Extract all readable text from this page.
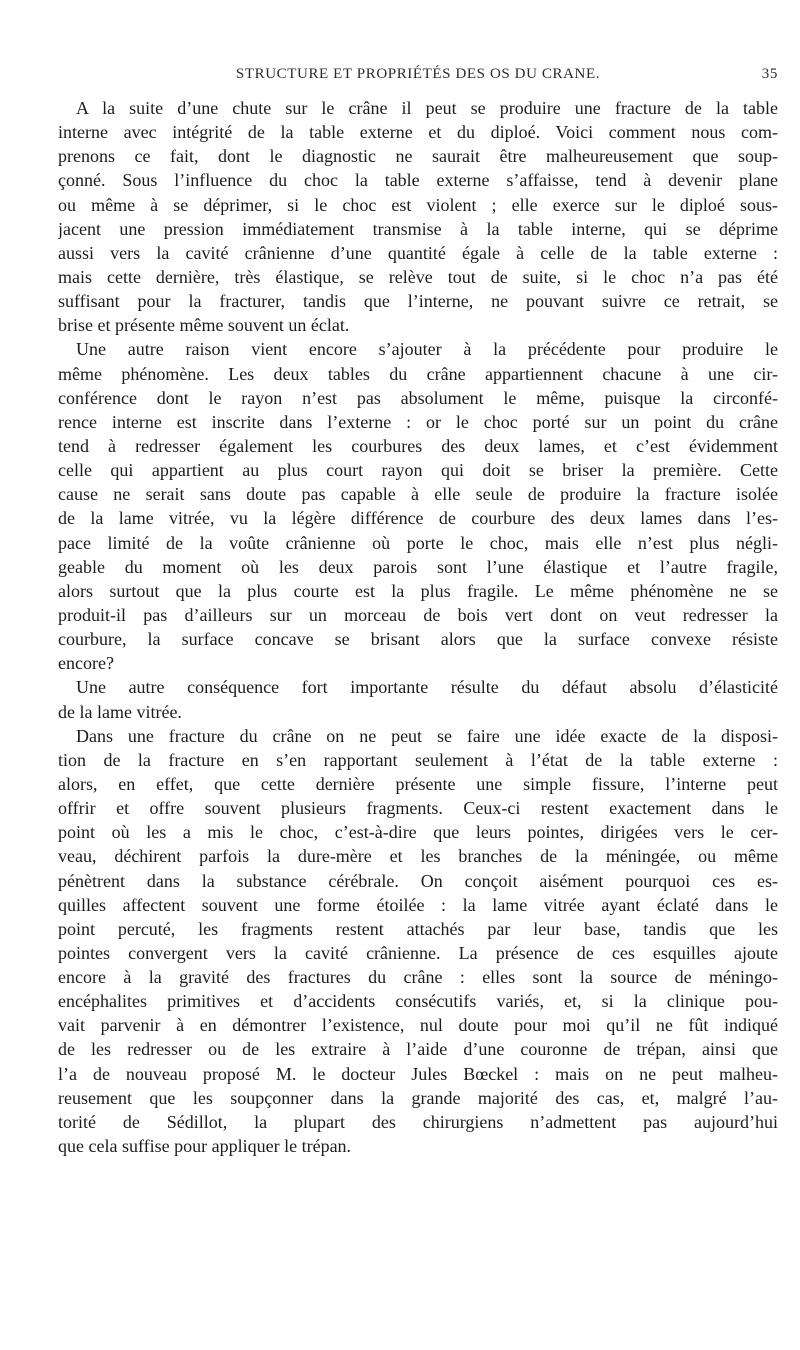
STRUCTURE ET PROPRIÉTÉS DES OS DU CRANE.	35
A la suite d’une chute sur le crâne il peut se produire une fracture de la table
interne avec intégrité de la table externe et du diploé. Voici comment nous com-
prenons ce fait, dont le diagnostic ne saurait être malheureusement que soup-
çonné. Sous l’influence du choc la table externe s’affaisse, tend à devenir plane
ou même à se déprimer, si le choc est violent ; elle exerce sur le diploé sous-
jacent une pression immédiatement transmise à la table interne, qui se déprime
aussi vers la cavité crânienne d’une quantité égale à celle de la table externe :
mais cette dernière, très élastique, se relève tout de suite, si le choc n’a pas été
suffisant pour la fracturer, tandis que l’interne, ne pouvant suivre ce retrait, se
brise et présente même souvent un éclat.
Une autre raison vient encore s’ajouter à la précédente pour produire le
même phénomène. Les deux tables du crâne appartiennent chacune à une cir-
conférence dont le rayon n’est pas absolument le même, puisque la circonfé-
rence interne est inscrite dans l’externe : or le choc porté sur un point du crâne
tend à redresser également les courbures des deux lames, et c’est évidemment
celle qui appartient au plus court rayon qui doit se briser la première. Cette
cause ne serait sans doute pas capable à elle seule de produire la fracture isolée
de la lame vitrée, vu la légère différence de courbure des deux lames dans l’es-
pace limité de la voûte crânienne où porte le choc, mais elle n’est plus négli-
geable du moment où les deux parois sont l’une élastique et l’autre fragile,
alors surtout que la plus courte est la plus fragile. Le même phénomène ne se
produit-il pas d’ailleurs sur un morceau de bois vert dont on veut redresser la
courbure, la surface concave se brisant alors que la surface convexe résiste
encore?
Une autre conséquence fort importante résulte du défaut absolu d’élasticité
de la lame vitrée.
Dans une fracture du crâne on ne peut se faire une idée exacte de la disposi-
tion de la fracture en s’en rapportant seulement à l’état de la table externe :
alors, en effet, que cette dernière présente une simple fissure, l’interne peut
offrir et offre souvent plusieurs fragments. Ceux-ci restent exactement dans le
point où les a mis le choc, c’est-à-dire que leurs pointes, dirigées vers le cer-
veau, déchirent parfois la dure-mère et les branches de la méningée, ou même
pénètrent dans la substance cérébrale. On conçoit aisément pourquoi ces es-
quilles affectent souvent une forme étoilée : la lame vitrée ayant éclaté dans le
point percuté, les fragments restent attachés par leur base, tandis que les
pointes convergent vers la cavité crânienne. La présence de ces esquilles ajoute
encore à la gravité des fractures du crâne : elles sont la source de méningo-
encéphalites primitives et d’accidents consécutifs variés, et, si la clinique pou-
vait parvenir à en démontrer l’existence, nul doute pour moi qu’il ne fût indiqué
de les redresser ou de les extraire à l’aide d’une couronne de trépan, ainsi que
l’a de nouveau proposé M. le docteur Jules Bœckel : mais on ne peut malheu-
reusement que les soupçonner dans la grande majorité des cas, et, malgré l’au-
torité de Sédillot, la plupart des chirurgiens n’admettent pas aujourd’hui
que cela suffise pour appliquer le trépan.
